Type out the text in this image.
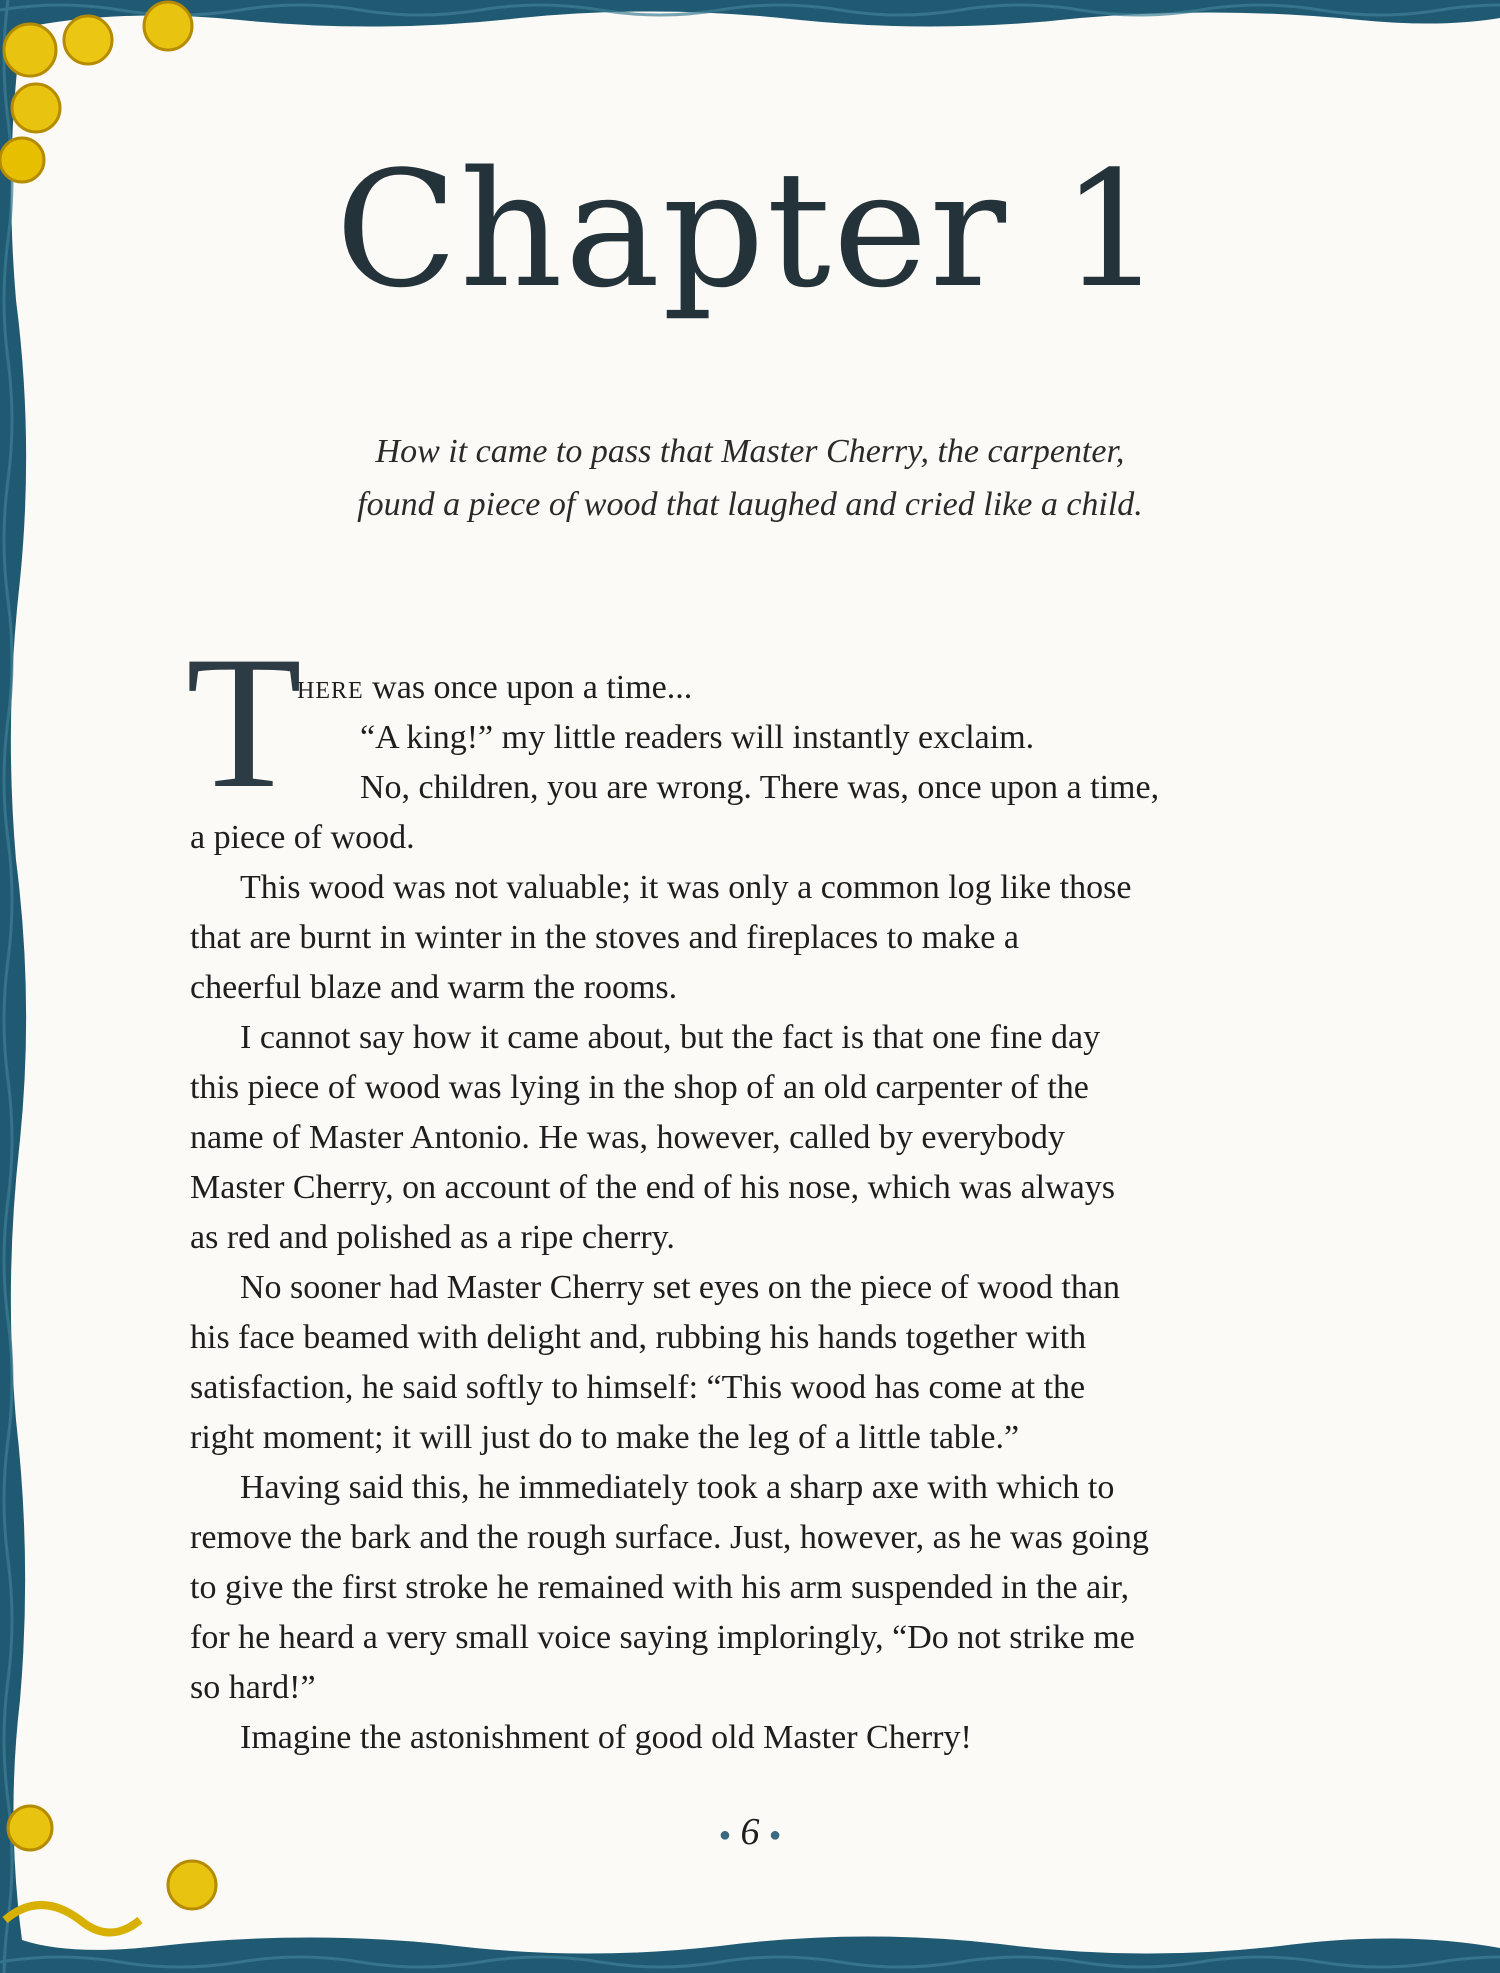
Chapter 1
How it came to pass that Master Cherry, the carpenter,
found a piece of wood that laughed and cried like a child.
T
here was once upon a time...
“A king!” my little readers will instantly exclaim.
No, children, you are wrong. There was, once upon a time,
a piece of wood.
This wood was not valuable; it was only a common log like those
that are burnt in winter in the stoves and fireplaces to make a
cheerful blaze and warm the rooms.
I cannot say how it came about, but the fact is that one fine day
this piece of wood was lying in the shop of an old carpenter of the
name of Master Antonio. He was, however, called by everybody
Master Cherry, on account of the end of his nose, which was always
as red and polished as a ripe cherry.
No sooner had Master Cherry set eyes on the piece of wood than
his face beamed with delight and, rubbing his hands together with
satisfaction, he said softly to himself: “This wood has come at the
right moment; it will just do to make the leg of a little table.”
Having said this, he immediately took a sharp axe with which to
remove the bark and the rough surface. Just, however, as he was going
to give the first stroke he remained with his arm suspended in the air,
for he heard a very small voice saying imploringly, “Do not strike me
so hard!”
Imagine the astonishment of good old Master Cherry!
● 6 ●
